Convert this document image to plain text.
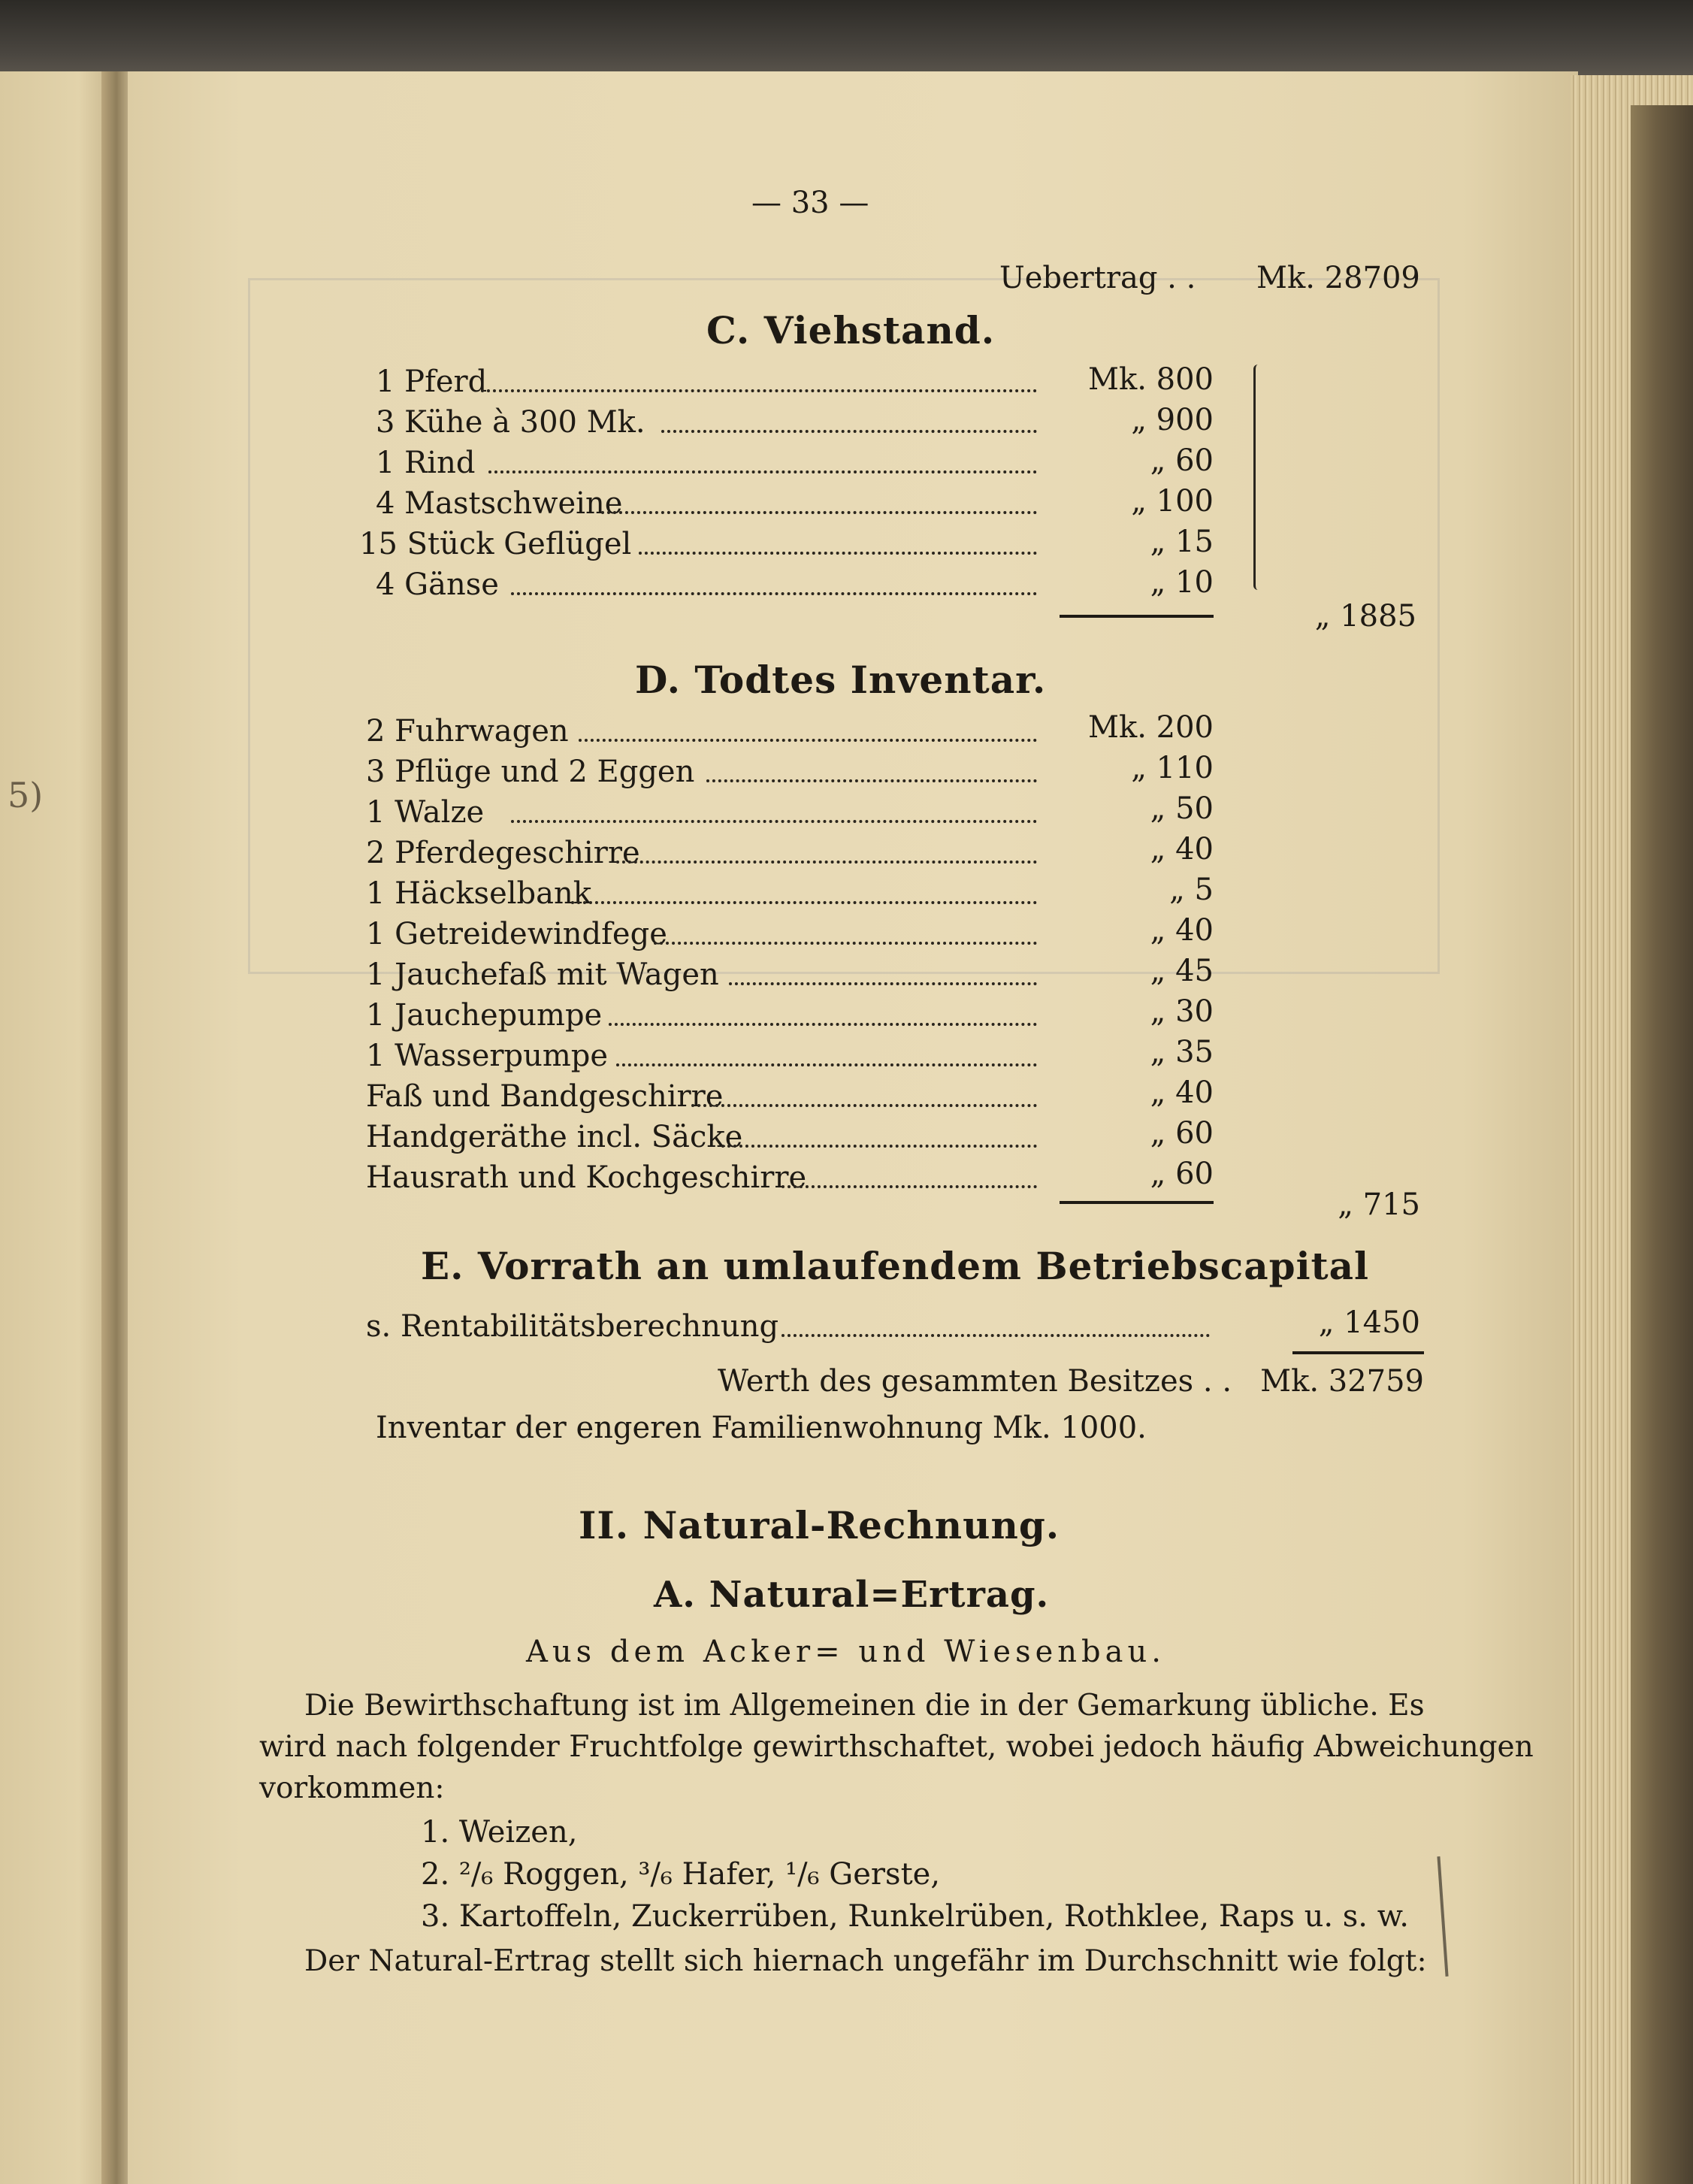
5)
— 33 —
Uebertrag . . Mk. 28709
C. Viehstand.
1 Pferd	Mk. 800
3 Kühe à 300 Mk.	„ 900
1 Rind	„ 60
4 Mastschweine	„ 100
15 Stück Geflügel	„ 15
4 Gänse	„ 10
„ 1885
D. Todtes Inventar.
2 Fuhrwagen	Mk. 200
3 Pflüge und 2 Eggen	„ 110
1 Walze	„ 50
2 Pferdegeschirre	„ 40
1 Häckselbank	„ 5
1 Getreidewindfege	„ 40
1 Jauchefaß mit Wagen	„ 45
1 Jauchepumpe	„ 30
1 Wasserpumpe	„ 35
Faß und Bandgeschirre	„ 40
Handgeräthe incl. Säcke	„ 60
Hausrath und Kochgeschirre	„ 60
„ 715
E. Vorrath an umlaufendem Betriebscapital
s. Rentabilitätsberechnung	„ 1450
Werth des gesammten Besitzes . . Mk. 32759
Inventar der engeren Familienwohnung Mk. 1000.
II. Natural-Rechnung.
A. Natural=Ertrag.
Aus dem Acker= und Wiesenbau.
Die Bewirthschaftung ist im Allgemeinen die in der Gemarkung übliche. Es
wird nach folgender Fruchtfolge gewirthschaftet, wobei jedoch häufig Abweichungen
vorkommen:
1. Weizen,
2. ²/₆ Roggen, ³/₆ Hafer, ¹/₆ Gerste,
3. Kartoffeln, Zuckerrüben, Runkelrüben, Rothklee, Raps u. s. w.
Der Natural-Ertrag stellt sich hiernach ungefähr im Durchschnitt wie folgt:
